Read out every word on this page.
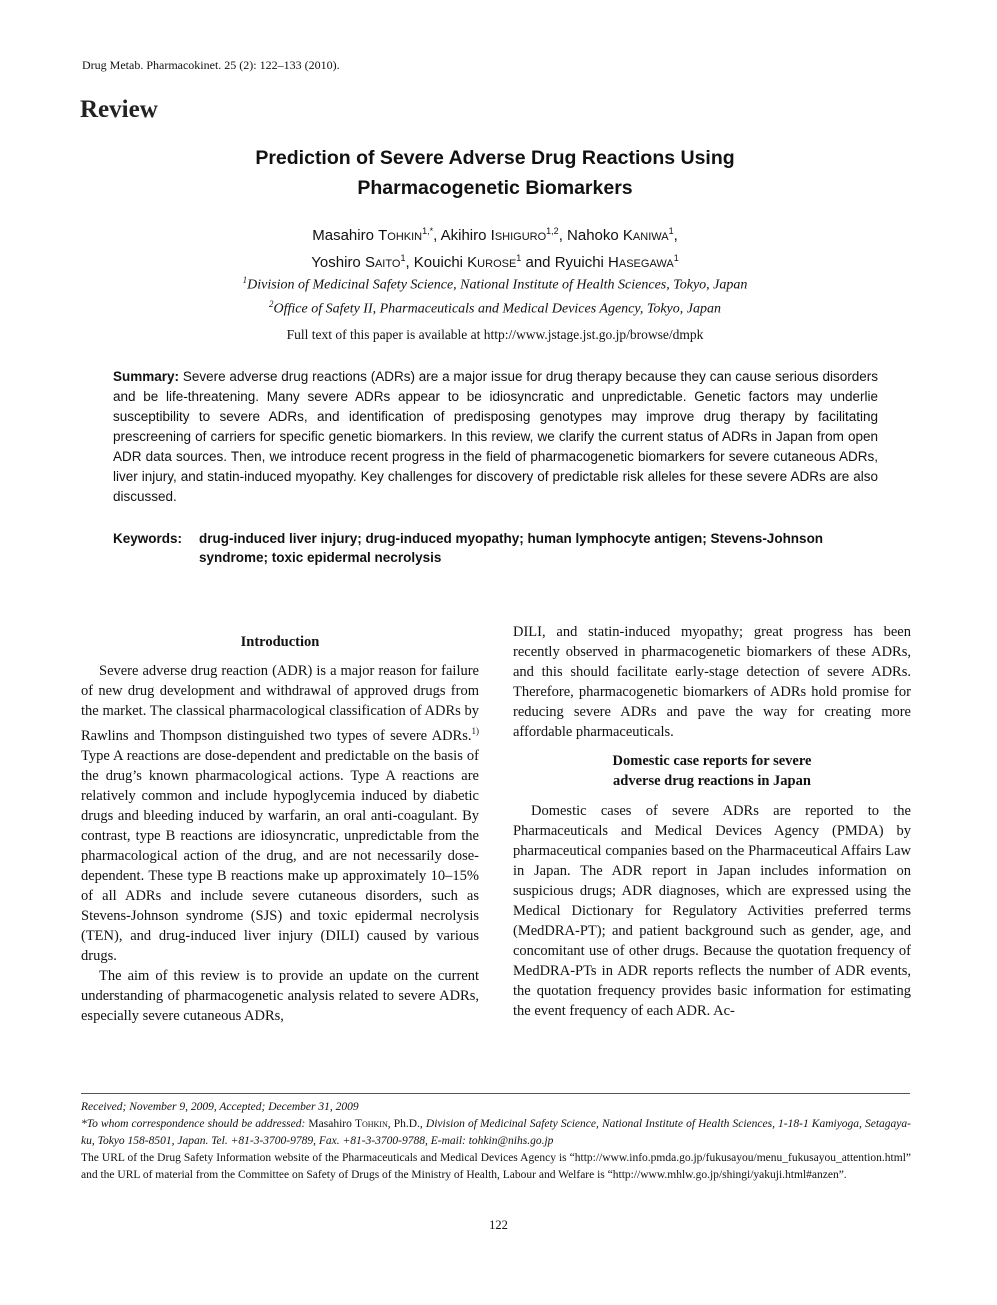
Drug Metab. Pharmacokinet. 25 (2): 122–133 (2010).
Review
Prediction of Severe Adverse Drug Reactions Using
Pharmacogenetic Biomarkers
Masahiro Tohkin$^{1,*}$, Akihiro Ishiguro$^{1,2}$, Nahoko Kaniwa$^1$,
Yoshiro Saito$^1$, Kouichi Kurose$^1$ and Ryuichi Hasegawa$^1$
$^1$Division of Medicinal Safety Science, National Institute of Health Sciences, Tokyo, Japan
$^2$Office of Safety II, Pharmaceuticals and Medical Devices Agency, Tokyo, Japan
Full text of this paper is available at http://www.jstage.jst.go.jp/browse/dmpk
Summary: Severe adverse drug reactions (ADRs) are a major issue for drug therapy because they can cause serious disorders and be life-threatening. Many severe ADRs appear to be idiosyncratic and unpredictable. Genetic factors may underlie susceptibility to severe ADRs, and identification of predisposing genotypes may improve drug therapy by facilitating prescreening of carriers for specific genetic biomarkers. In this review, we clarify the current status of ADRs in Japan from open ADR data sources. Then, we introduce recent progress in the field of pharmacogenetic biomarkers for severe cutaneous ADRs, liver injury, and statin-induced myopathy. Key challenges for discovery of predictable risk alleles for these severe ADRs are also discussed.
Keywords: drug-induced liver injury; drug-induced myopathy; human lymphocyte antigen; Stevens-Johnson syndrome; toxic epidermal necrolysis
Introduction

Severe adverse drug reaction (ADR) is a major reason for failure of new drug development and withdrawal of approved drugs from the market. The classical pharmacological classification of ADRs by Rawlins and Thompson distinguished two types of severe ADRs.$^{1)}$ Type A reactions are dose-dependent and predictable on the basis of the drug’s known pharmacological actions. Type A reactions are relatively common and include hypoglycemia induced by diabetic drugs and bleeding induced by warfarin, an oral anti-coagulant. By contrast, type B reactions are idiosyncratic, unpredictable from the pharmacological action of the drug, and are not necessarily dose-dependent. These type B reactions make up approximately 10–15% of all ADRs and include severe cutaneous disorders, such as Stevens-Johnson syndrome (SJS) and toxic epidermal necrolysis (TEN), and drug-induced liver injury (DILI) caused by various drugs.

The aim of this review is to provide an update on the current understanding of pharmacogenetic analysis related to severe ADRs, especially severe cutaneous ADRs,

DILI, and statin-induced myopathy; great progress has been recently observed in pharmacogenetic biomarkers of these ADRs, and this should facilitate early-stage detection of severe ADRs. Therefore, pharmacogenetic biomarkers of ADRs hold promise for reducing severe ADRs and pave the way for creating more affordable pharmaceuticals.

Domestic case reports for severe
adverse drug reactions in Japan

Domestic cases of severe ADRs are reported to the Pharmaceuticals and Medical Devices Agency (PMDA) by pharmaceutical companies based on the Pharmaceutical Affairs Law in Japan. The ADR report in Japan includes information on suspicious drugs; ADR diagnoses, which are expressed using the Medical Dictionary for Regulatory Activities preferred terms (MedDRA-PT); and patient background such as gender, age, and concomitant use of other drugs. Because the quotation frequency of MedDRA-PTs in ADR reports reflects the number of ADR events, the quotation frequency provides basic information for estimating the event frequency of each ADR. Ac-

Received; November 9, 2009, Accepted; December 31, 2009
*To whom correspondence should be addressed: Masahiro Tohkin, Ph.D., Division of Medicinal Safety Science, National Institute of Health Sciences, 1-18-1 Kamiyoga, Setagaya-ku, Tokyo 158-8501, Japan. Tel. +81-3-3700-9789, Fax. +81-3-3700-9788, E-mail: tohkin@nihs.go.jp
The URL of the Drug Safety Information website of the Pharmaceuticals and Medical Devices Agency is “http://www.info.pmda.go.jp/fukusayou/menu_fukusayou_attention.html” and the URL of material from the Committee on Safety of Drugs of the Ministry of Health, Labour and Welfare is “http://www.mhlw.go.jp/shingi/yakuji.html#anzen”.
122
